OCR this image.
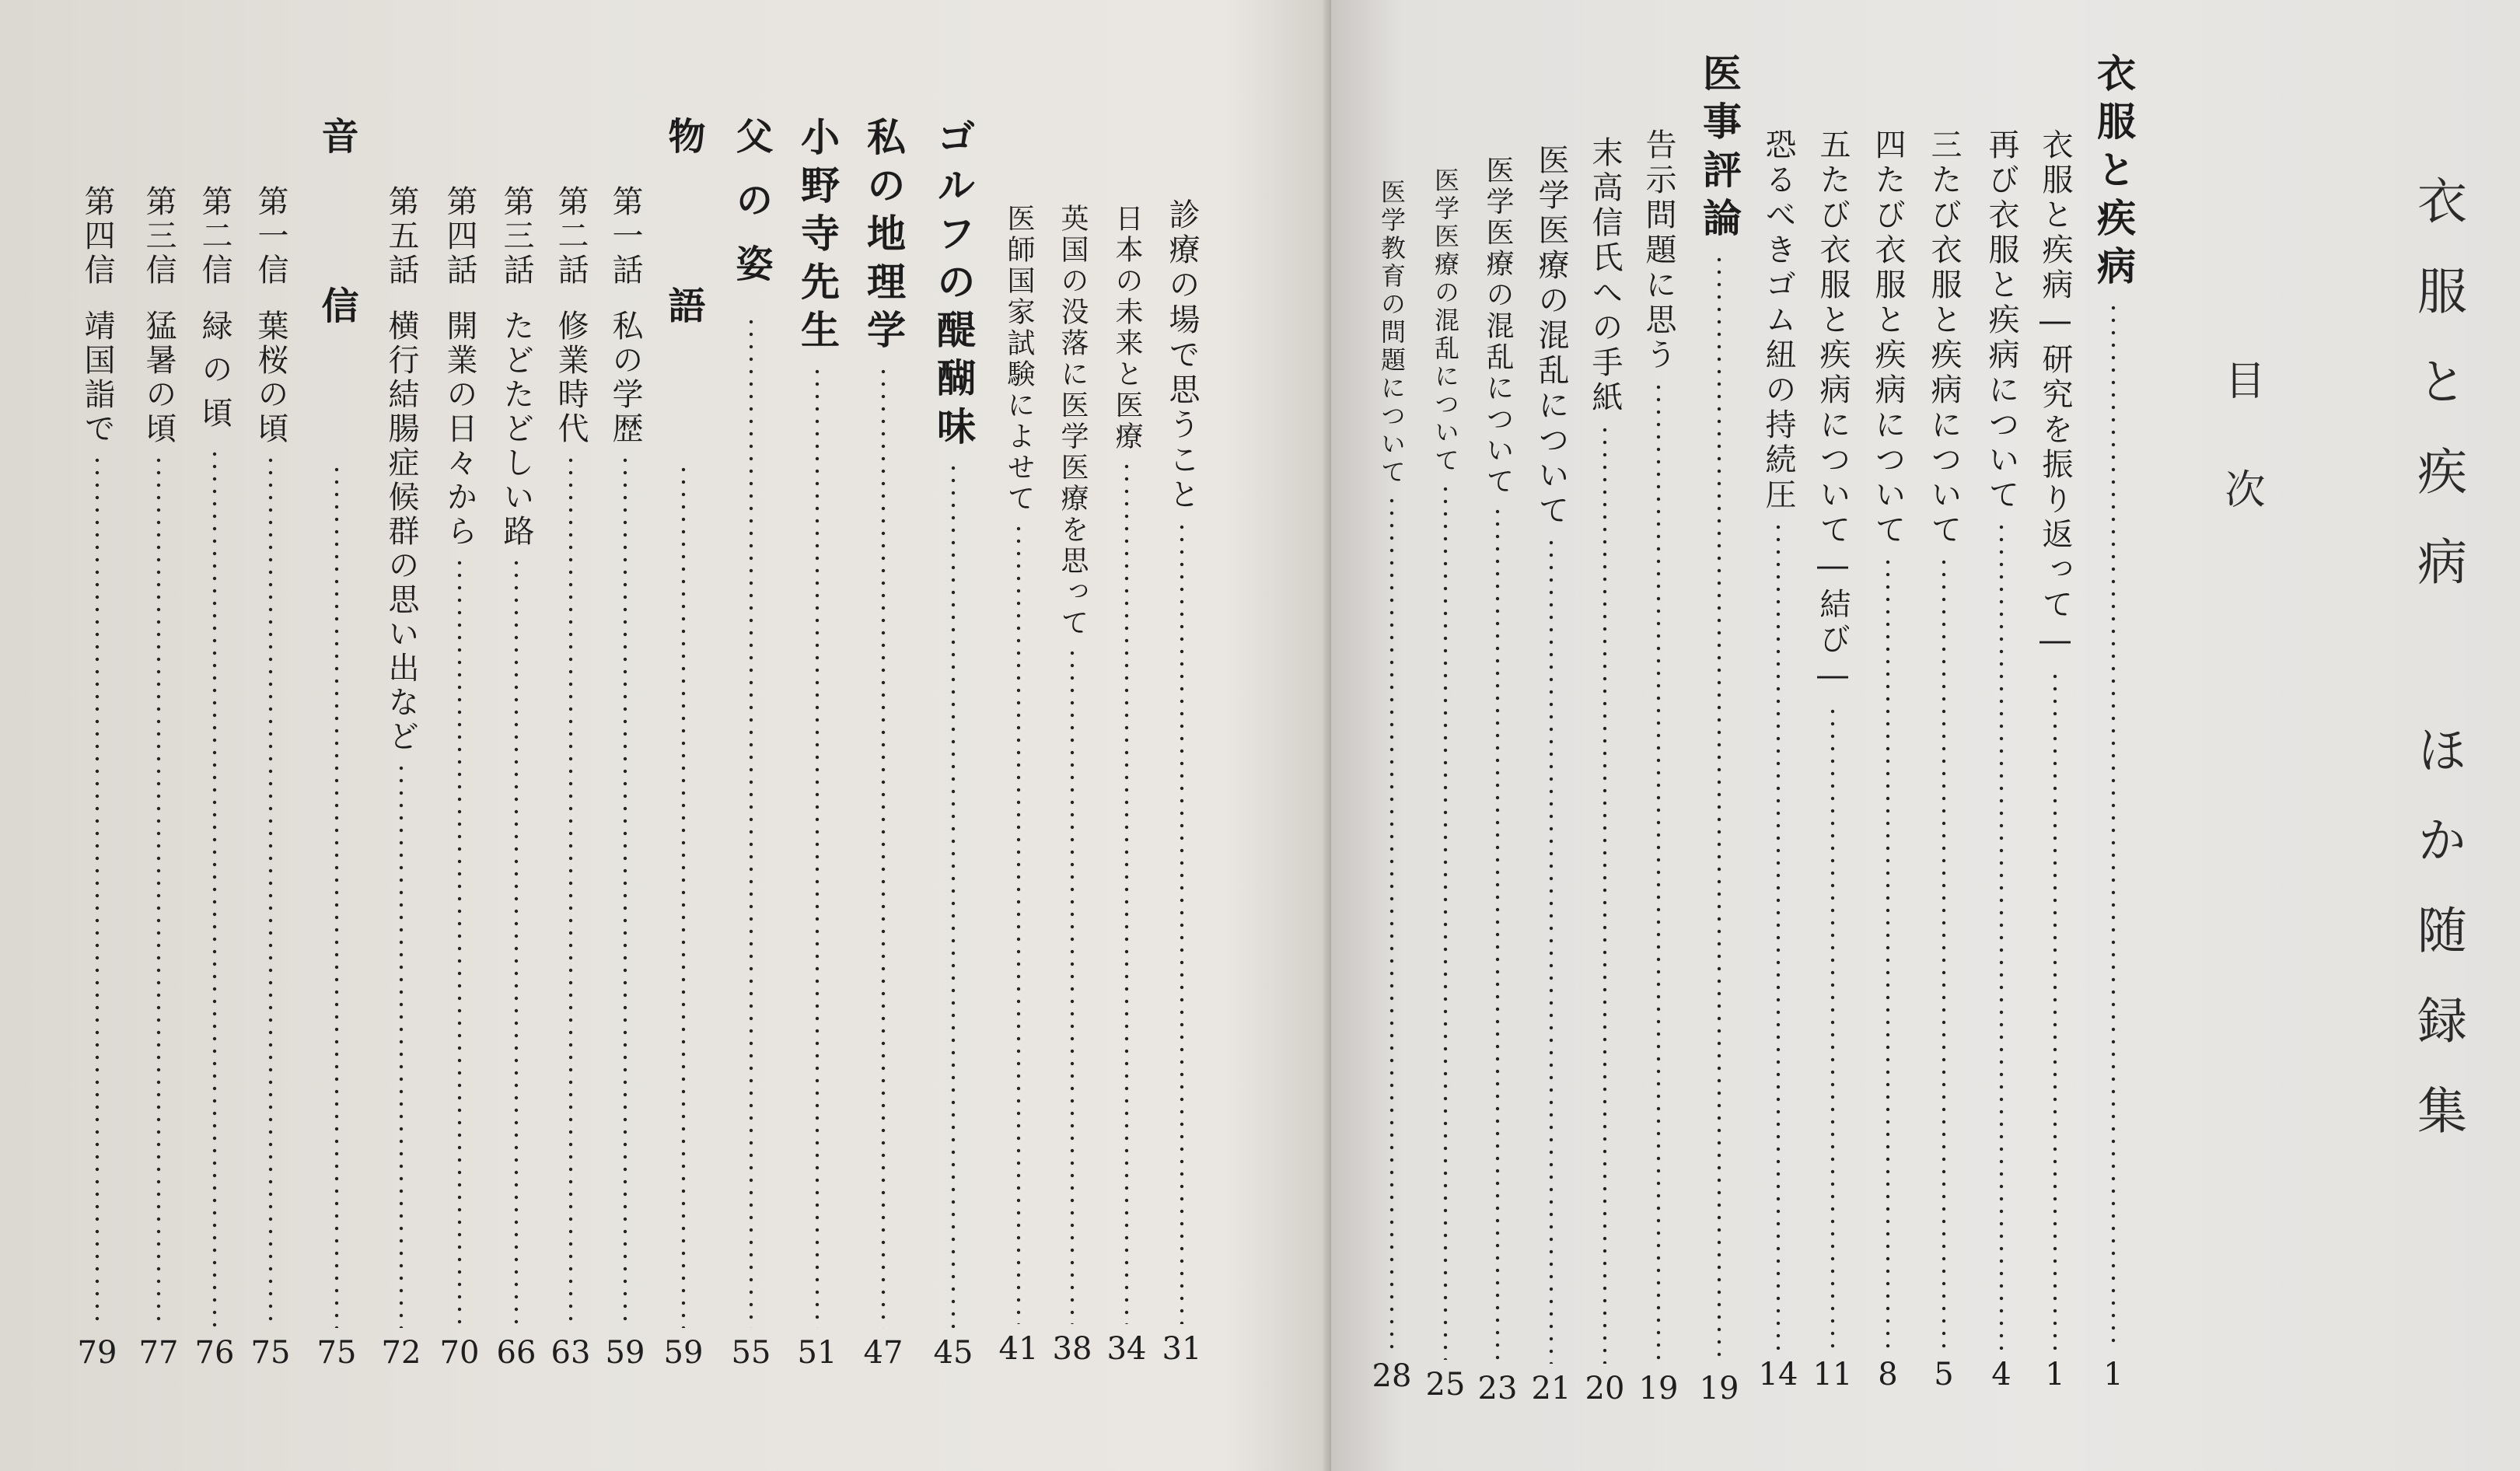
診療の場で思うこと
31
日本の未来と医療
34
英国の没落に医学医療を思って
38
医師国家試験によせて
41
ゴルフの醍醐味
45
私の地理学
47
小野寺先生
51
父の姿
55
物語
59
第一話
私の学歴
59
第二話
修業時代
63
第三話
たどたどしい路
66
第四話
開業の日々から
70
第五話
横行結腸症候群の思い出など
72
音信
75
第一信
葉桜の頃
75
第二信
緑の頃
76
第三信
猛暑の頃
77
第四信
靖国詣で
79
衣服と疾病 ほか随録集
目次
衣服と疾病
1
衣服と疾病―研究を振り返って―
1
再び衣服と疾病について
4
三たび衣服と疾病について
5
四たび衣服と疾病について
8
五たび衣服と疾病について―結び―
11
恐るべきゴム紐の持続圧
14
医事評論
19
告示問題に思う
19
末高信氏への手紙
20
医学医療の混乱について
21
医学医療の混乱について
23
医学医療の混乱について
25
医学教育の問題について
28
